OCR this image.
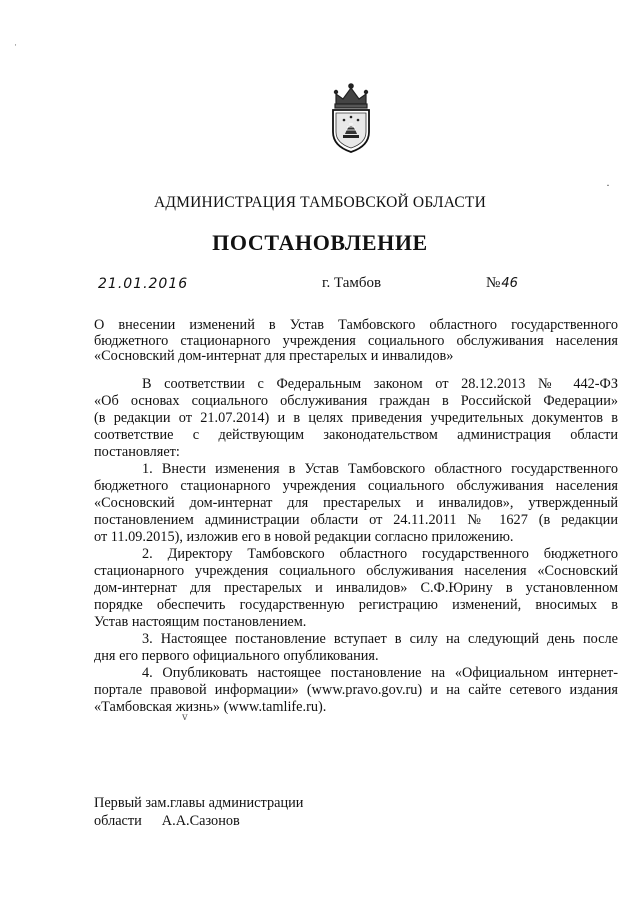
·
·
АДМИНИСТРАЦИЯ ТАМБОВСКОЙ ОБЛАСТИ
ПОСТАНОВЛЕНИЕ
21.01.2016	г. Тамбов	№46
О внесении изменений в Устав Тамбовского областного государственного
бюджетного стационарного учреждения социального обслуживания населения
«Сосновский дом-интернат для престарелых и инвалидов»
В соответствии с Федеральным законом от 28.12.2013 № 442-ФЗ
«Об основах социального обслуживания граждан в Российской Федерации»
(в редакции от 21.07.2014) и в целях приведения учредительных документов в
соответствие с действующим законодательством администрация области
постановляет:
1. Внести изменения в Устав Тамбовского областного государственного
бюджетного стационарного учреждения социального обслуживания населения
«Сосновский дом-интернат для престарелых и инвалидов», утвержденный
постановлением администрации области от 24.11.2011 № 1627 (в редакции
от 11.09.2015), изложив его в новой редакции согласно приложению.
2. Директору Тамбовского областного государственного бюджетного
стационарного учреждения социального обслуживания населения «Сосновский
дом-интернат для престарелых и инвалидов» С.Ф.Юрину в установленном
порядке обеспечить государственную регистрацию изменений, вносимых в
Устав настоящим постановлением.
3. Настоящее постановление вступает в силу на следующий день после
дня его первого официального опубликования.
4. Опубликовать настоящее постановление на «Официальном интернет-
портале правовой информации» (www.pravo.gov.ru) и на сайте сетевого издания
«Тамбовская жизнь» (www.tamlife.ru).
ⅴ
Первый зам.главы администрации
области А.А.Сазонов
